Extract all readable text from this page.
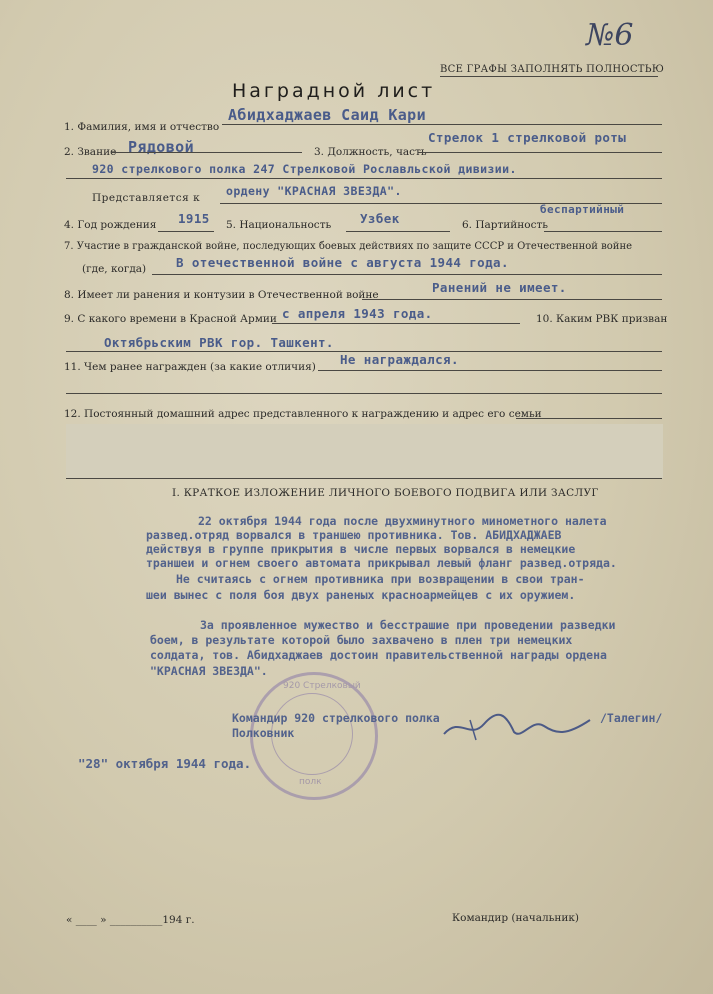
№6
ВСЕ ГРАФЫ ЗАПОЛНЯТЬ ПОЛНОСТЬЮ
Наградной лист
1. Фамилия, имя и отчество
Абидхаджаев Саид Кари
2. Звание Рядовой	3. Должность, часть
Стрелок 1 стрелковой роты
920 стрелкового полка 247 Стрелковой Рославльской дивизии.
Представляется к ордену "КРАСНАЯ ЗВЕЗДА".
4. Год рождения 1915 5. Национальность Узбек	6. Партийность
беспартийный
7. Участие в гражданской войне, последующих боевых действиях по защите СССР и Отечественной войне
(где, когда) В отечественной войне с августа 1944 года.
8. Имеет ли ранения и контузии в Отечественной войне	Ранений не имеет.
9. С какого времени в Красной Армии с апреля 1943 года.	10. Каким РВК призван
Октябрьским РВК гор. Ташкент.
11. Чем ранее награжден (за какие отличия) Не награждался.
12. Постоянный домашний адрес представленного к награждению и адрес его семьи
I. КРАТКОЕ ИЗЛОЖЕНИЕ ЛИЧНОГО БОЕВОГО ПОДВИГА ИЛИ ЗАСЛУГ
22 октября 1944 года после двухминутного минометного налета
развед.отряд ворвался в траншею противника. Тов. АБИДХАДЖАЕВ
действуя в группе прикрытия в числе первых ворвался в немецкие
траншеи и огнем своего автомата прикрывал левый фланг развед.отряда.
Не считаясь с огнем противника при возвращении в свои тран-
шеи вынес с поля боя двух раненых красноармейцев с их оружием.
За проявленное мужество и бесстрашие при проведении разведки
боем, в результате которой было захвачено в плен три немецких
солдата, тов. Абидхаджаев достоин правительственной награды ордена
"КРАСНАЯ ЗВЕЗДА".
920 Стрелковый
полк
Командир 920 стрелкового полка
Полковник
/Талегин/
"28" октября 1944 года.
« ____ » __________194 г.	Командир (начальник)
